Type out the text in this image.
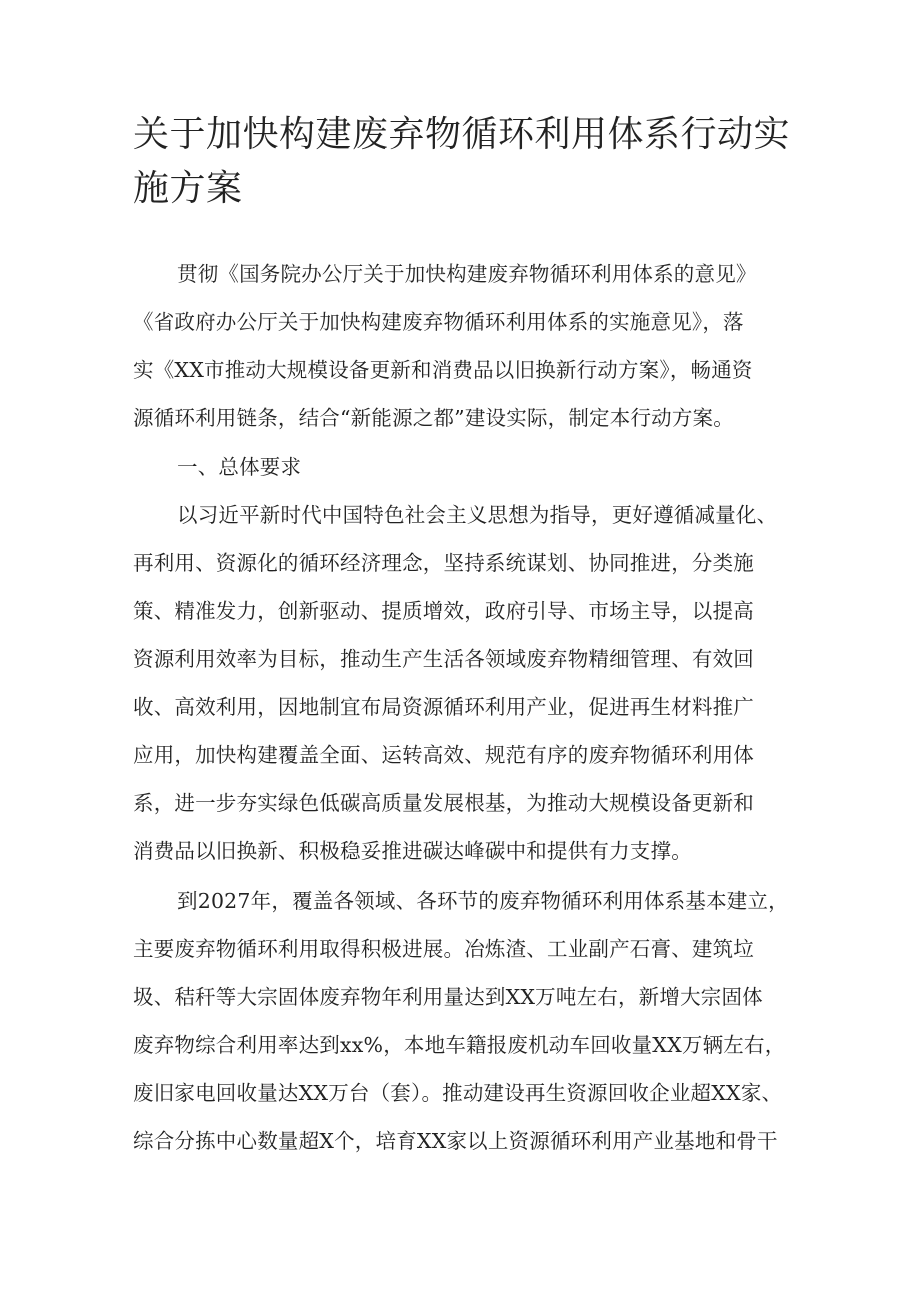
关于加快构建废弃物循环利用体系行动实
施方案
贯彻《国务院办公厅关于加快构建废弃物循环利用体系的意见》
《省政府办公厅关于加快构建废弃物循环利用体系的实施意见》，落
实《XX市推动大规模设备更新和消费品以旧换新行动方案》，畅通资
源循环利用链条，结合“新能源之都”建设实际，制定本行动方案。
一、总体要求
以习近平新时代中国特色社会主义思想为指导，更好遵循减量化、
再利用、资源化的循环经济理念，坚持系统谋划、协同推进，分类施
策、精准发力，创新驱动、提质增效，政府引导、市场主导，以提高
资源利用效率为目标，推动生产生活各领域废弃物精细管理、有效回
收、高效利用，因地制宜布局资源循环利用产业，促进再生材料推广
应用，加快构建覆盖全面、运转高效、规范有序的废弃物循环利用体
系，进一步夯实绿色低碳高质量发展根基，为推动大规模设备更新和
消费品以旧换新、积极稳妥推进碳达峰碳中和提供有力支撑。
到2027年，覆盖各领域、各环节的废弃物循环利用体系基本建立，
主要废弃物循环利用取得积极进展。冶炼渣、工业副产石膏、建筑垃
圾、秸秆等大宗固体废弃物年利用量达到XX万吨左右，新增大宗固体
废弃物综合利用率达到xx%，本地车籍报废机动车回收量XX万辆左右，
废旧家电回收量达XX万台（套）。推动建设再生资源回收企业超XX家、
综合分拣中心数量超X个，培育XX家以上资源循环利用产业基地和骨干
